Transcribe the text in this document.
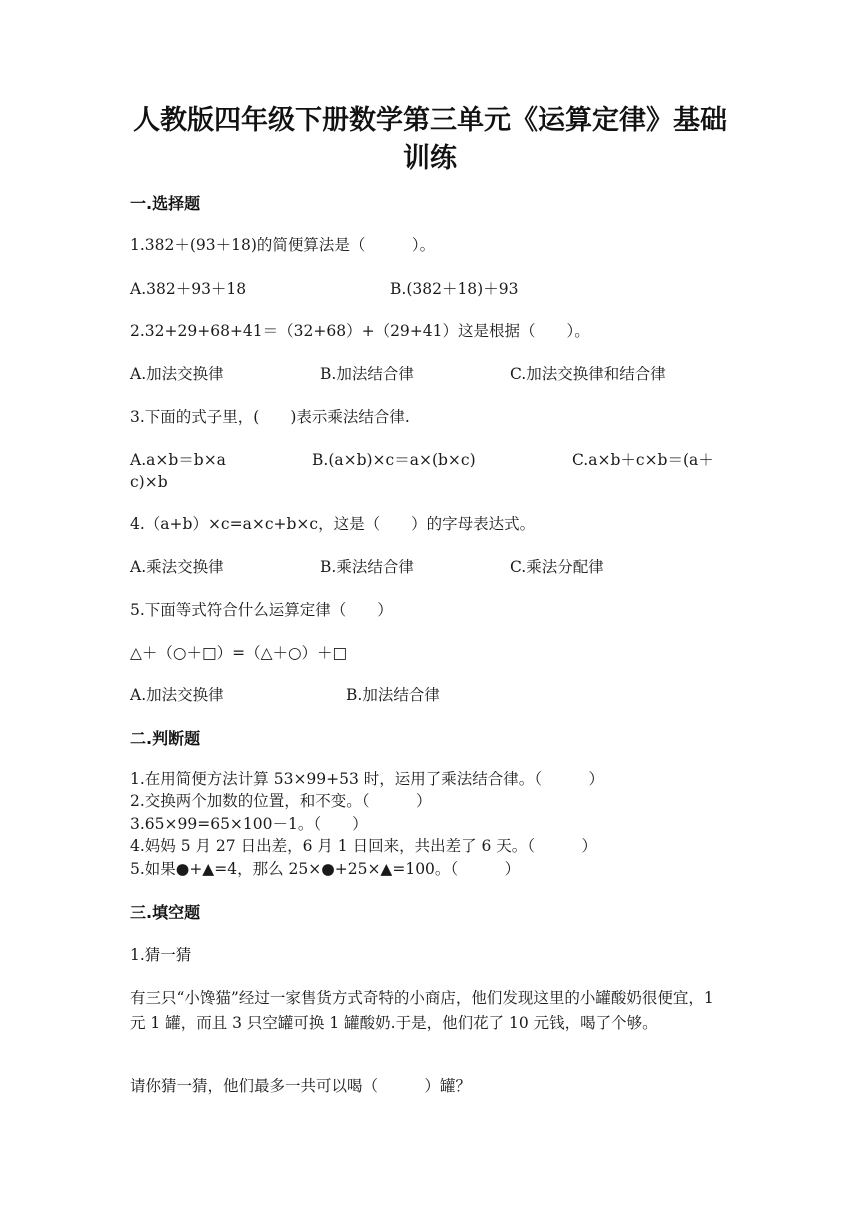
人教版四年级下册数学第三单元《运算定律》基础
训练
一.选择题
1.382＋(93＋18)的简便算法是（　　　）。
A.382＋93＋18	B.(382＋18)＋93
2.32+29+68+41＝（32+68）+（29+41）这是根据（　　）。
A.加法交换律	B.加法结合律	C.加法交换律和结合律
3.下面的式子里，(　　)表示乘法结合律.
A.a×b＝b×a	B.(a×b)×c＝a×(b×c)	C.a×b＋c×b＝(a＋
c)×b
4.（a+b）×c=a×c+b×c，这是（　　）的字母表达式。
A.乘法交换律	B.乘法结合律	C.乘法分配律
5.下面等式符合什么运算定律（　　）
△＋（○＋□）=（△＋○）＋□
A.加法交换律	B.加法结合律
二.判断题
1.在用简便方法计算 53×99+53 时，运用了乘法结合律。（　　　）
2.交换两个加数的位置，和不变。（　　　）
3.65×99=65×100－1。（　　）
4.妈妈 5 月 27 日出差，6 月 1 日回来，共出差了 6 天。（　　　）
5.如果●+▲=4，那么 25×●+25×▲=100。（　　　）
三.填空题
1.猜一猜
有三只“小馋猫”经过一家售货方式奇特的小商店，他们发现这里的小罐酸奶很便宜，1 元 1 罐，而且 3 只空罐可换 1 罐酸奶.于是，他们花了 10 元钱，喝了个够。
请你猜一猜，他们最多一共可以喝（　　　）罐？
